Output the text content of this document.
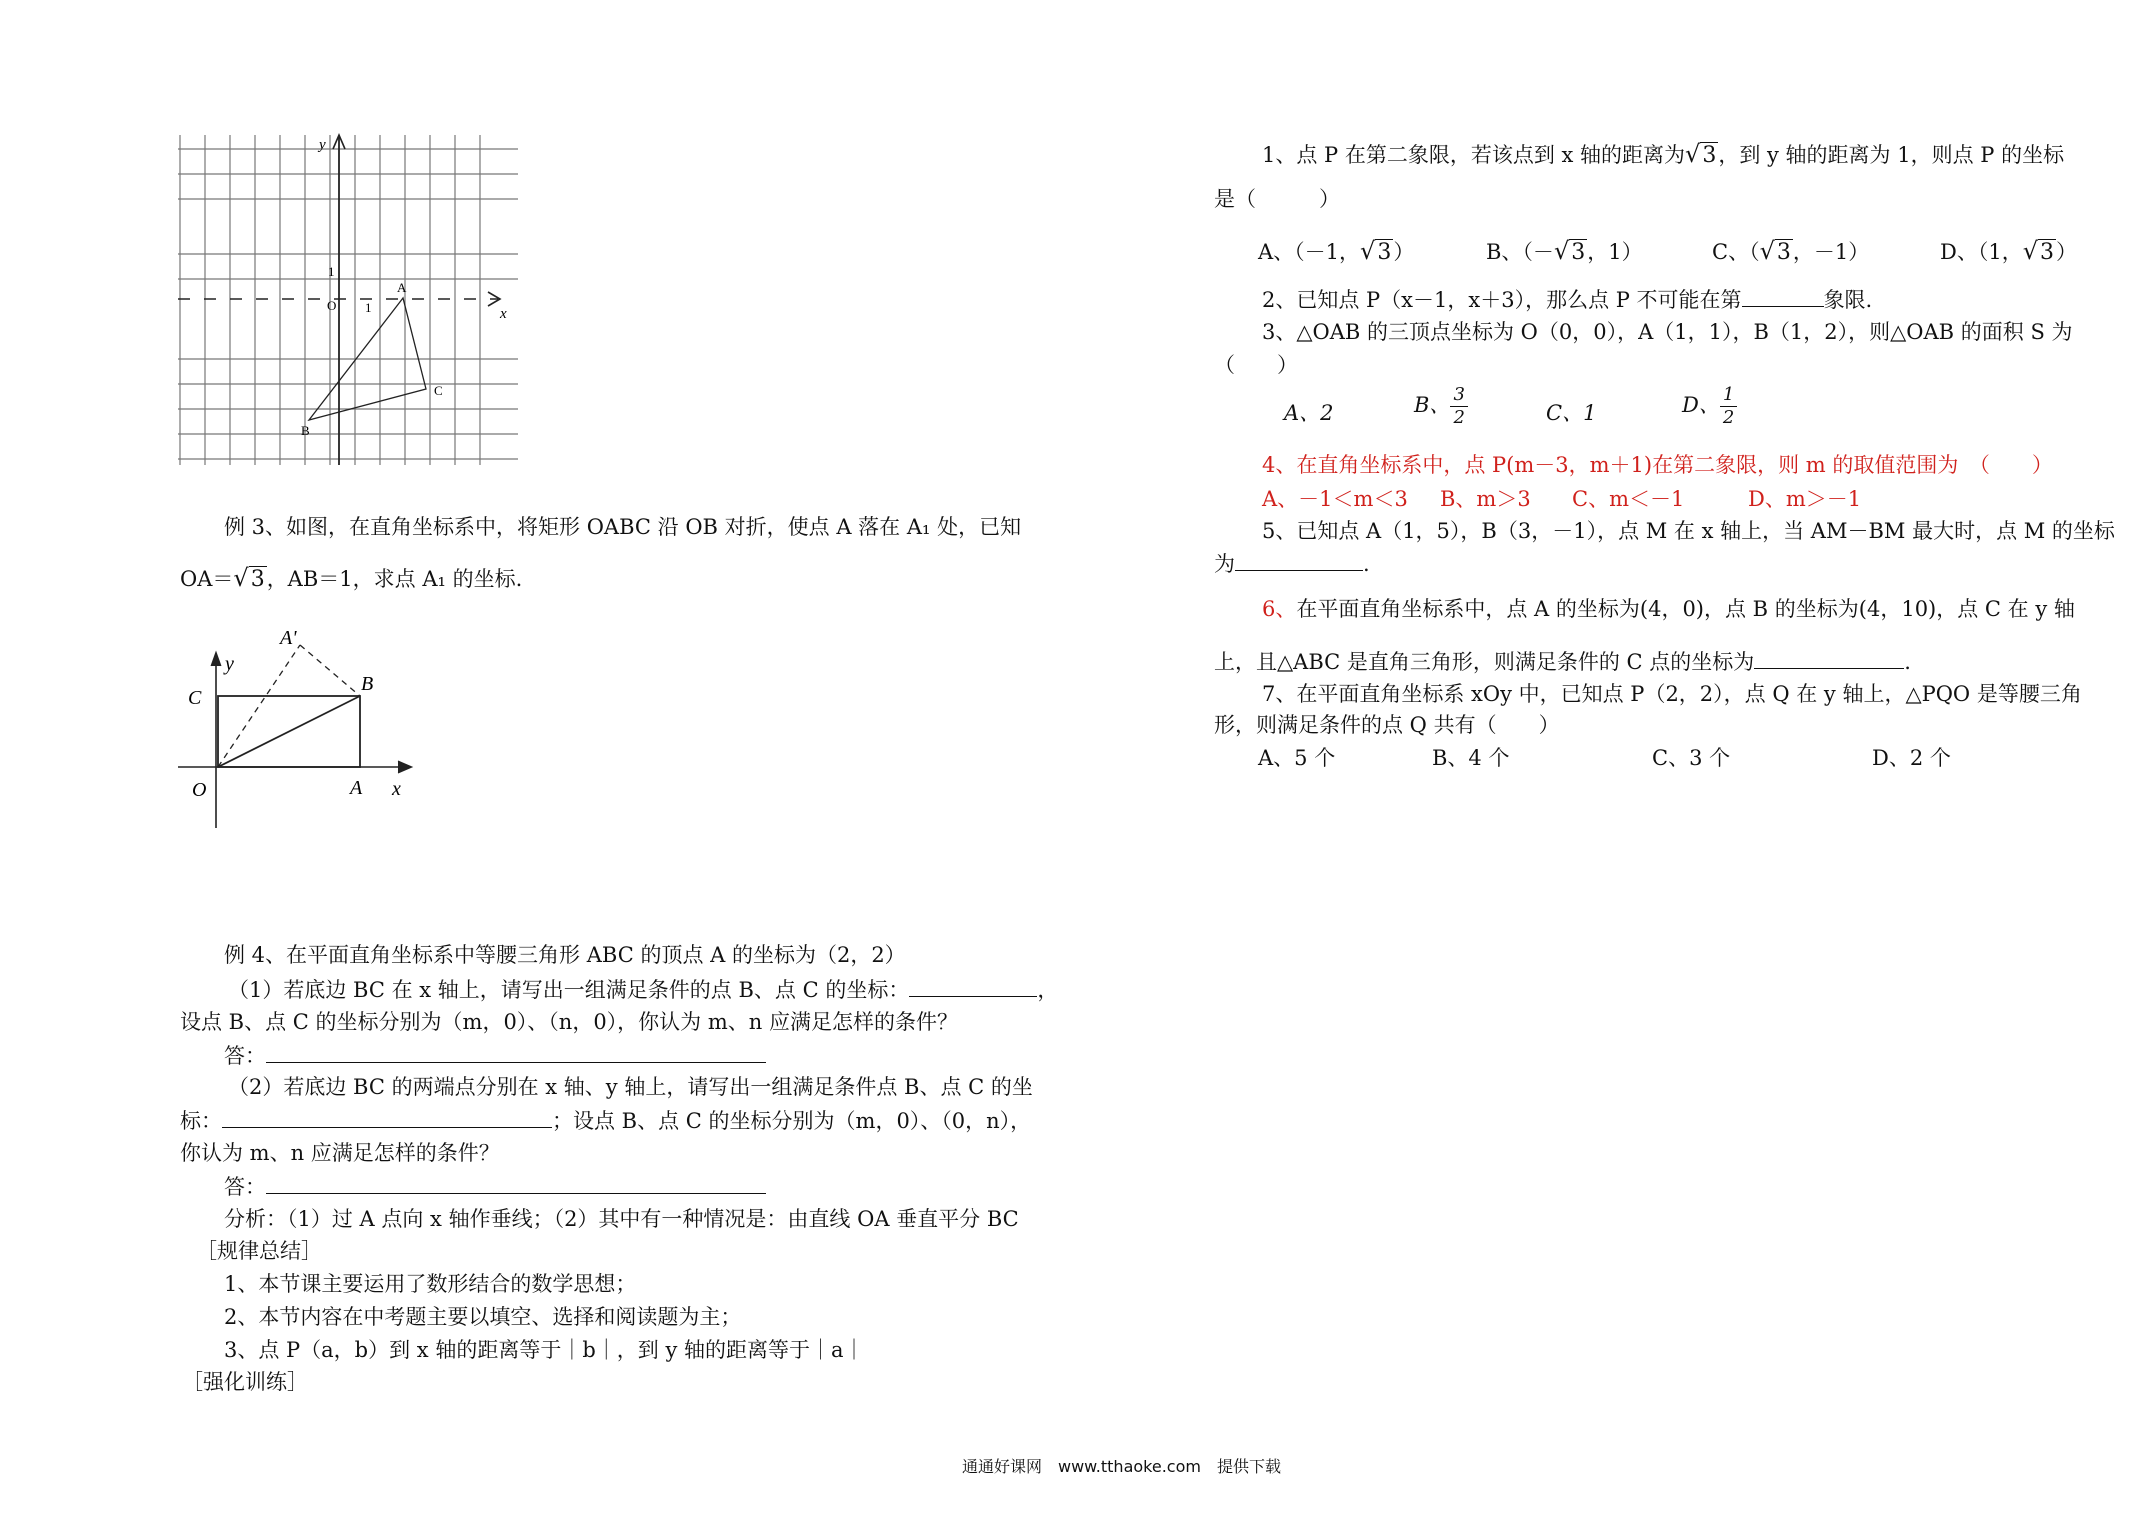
y
x
O
1
1
A
B
C
例 3、如图，在直角坐标系中，将矩形 OABC 沿 OB 对折，使点 A 落在 A₁ 处，已知
OA＝√3，AB＝1，求点 A₁ 的坐标.
A'
y
B
C
O	A x
例 4、在平面直角坐标系中等腰三角形 ABC 的顶点 A 的坐标为（2，2）
（1）若底边 BC 在 x 轴上，请写出一组满足条件的点 B、点 C 的坐标：	，
设点 B、点 C 的坐标分别为（m，0）、（n，0），你认为 m、n 应满足怎样的条件？
答：
（2）若底边 BC 的两端点分别在 x 轴、y 轴上，请写出一组满足条件点 B、点 C 的坐
标：	；设点 B、点 C 的坐标分别为（m，0）、（0，n），
你认为 m、n 应满足怎样的条件？
答：
分析：（1）过 A 点向 x 轴作垂线；（2）其中有一种情况是：由直线 OA 垂直平分 BC
［规律总结］
1、本节课主要运用了数形结合的数学思想；
2、本节内容在中考题主要以填空、选择和阅读题为主；
3、点 P（a，b）到 x 轴的距离等于｜b｜，到 y 轴的距离等于｜a｜
［强化训练］
1、点 P 在第二象限，若该点到 x 轴的距离为√3，到 y 轴的距离为 1，则点 P 的坐标
是（　　　）
A、（－1，√3）	B、（－√3，1）	C、（√3，－1）	D、（1，√3）
2、已知点 P（x－1，x＋3），那么点 P 不可能在第	象限.
3、△OAB 的三顶点坐标为 O（0，0），A（1，1），B（1，2），则△OAB 的面积 S 为
（　　）
A、2	B、 $\frac{3}{2}$	C、1	D、 $\frac{1}{2}$
4、在直角坐标系中，点 P(m－3，m＋1)在第二象限，则 m 的取值范围为　（　　）
A、－1＜m＜3 B、m＞3 C、m＜－1	D、m＞－1
5、已知点 A（1，5），B（3，－1），点 M 在 x 轴上，当 AM－BM 最大时，点 M 的坐标
为	.
6、在平面直角坐标系中，点 A 的坐标为(4，0)，点 B 的坐标为(4，10)，点 C 在 y 轴
上，且△ABC 是直角三角形，则满足条件的 C 点的坐标为	.
7、在平面直角坐标系 xOy 中，已知点 P（2，2），点 Q 在 y 轴上，△PQO 是等腰三角
形，则满足条件的点 Q 共有（　　）
A、5 个	B、4 个	C、3 个	D、2 个
通通好课网　www.tthaoke.com　提供下载
